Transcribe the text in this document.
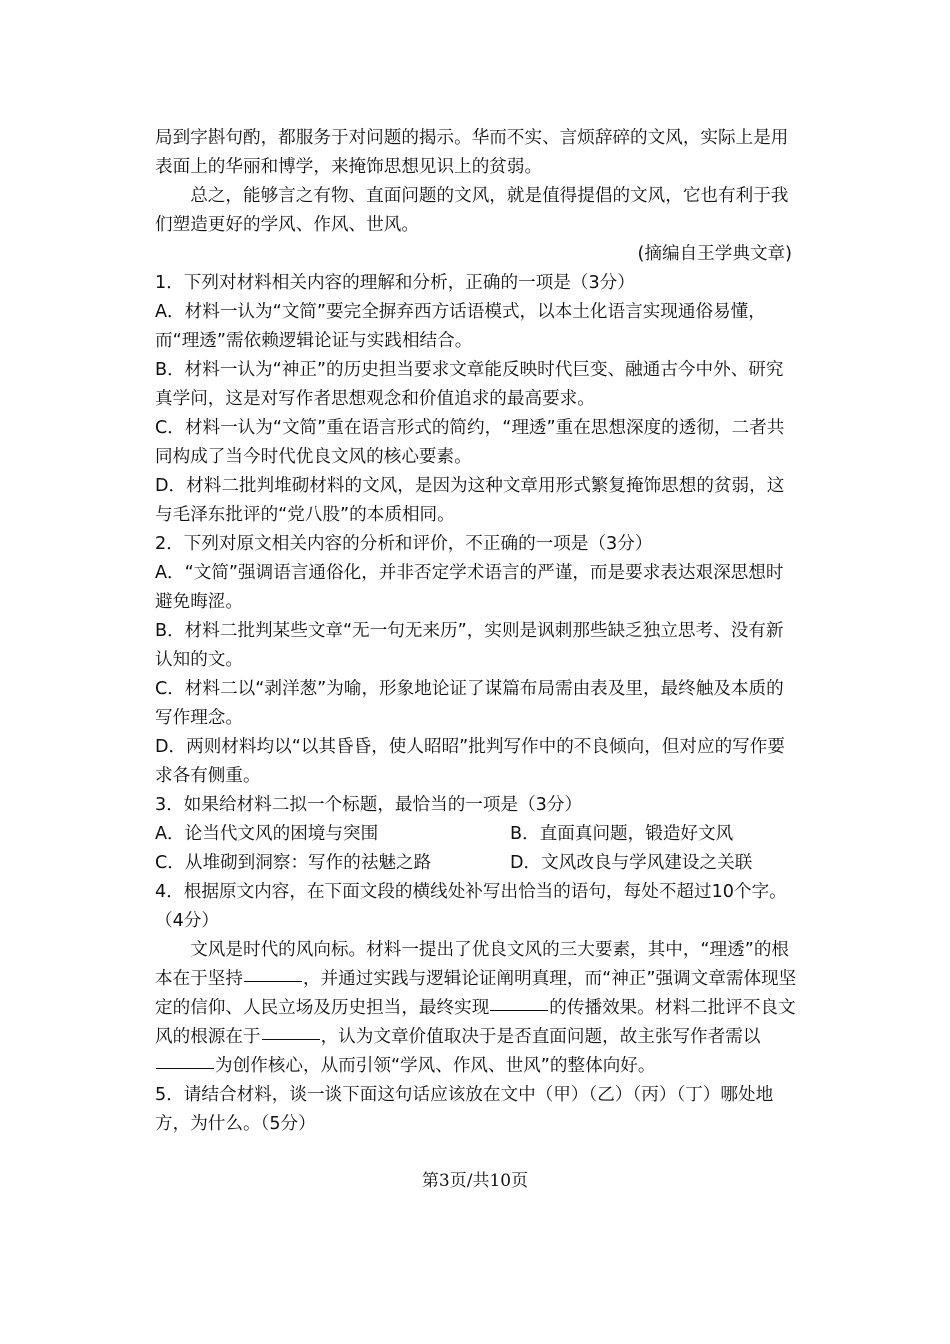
局到字斟句酌，都服务于对问题的揭示。华而不实、言烦辞碎的文风，实际上是用表面上的华丽和博学，来掩饰思想见识上的贫弱。

总之，能够言之有物、直面问题的文风，就是值得提倡的文风，它也有利于我们塑造更好的学风、作风、世风。

(摘编自王学典文章)

1．下列对材料相关内容的理解和分析，正确的一项是（3分）

A．材料一认为“文简”要完全摒弃西方话语模式，以本土化语言实现通俗易懂，而“理透”需依赖逻辑论证与实践相结合。

B．材料一认为“神正”的历史担当要求文章能反映时代巨变、融通古今中外、研究真学问，这是对写作者思想观念和价值追求的最高要求。

C．材料一认为“文简”重在语言形式的简约，“理透”重在思想深度的透彻，二者共同构成了当今时代优良文风的核心要素。

D．材料二批判堆砌材料的文风，是因为这种文章用形式繁复掩饰思想的贫弱，这与毛泽东批评的“党八股”的本质相同。

2．下列对原文相关内容的分析和评价，不正确的一项是（3分）

A．“文简”强调语言通俗化，并非否定学术语言的严谨，而是要求表达艰深思想时避免晦涩。

B．材料二批判某些文章“无一句无来历”，实则是讽刺那些缺乏独立思考、没有新认知的文。

C．材料二以“剥洋葱”为喻，形象地论证了谋篇布局需由表及里，最终触及本质的写作理念。

D．两则材料均以“以其昏昏，使人昭昭”批判写作中的不良倾向，但对应的写作要求各有侧重。

3．如果给材料二拟一个标题，最恰当的一项是（3分）

A．论当代文风的困境与突围	B．直面真问题，锻造好文风
C．从堆砌到洞察：写作的祛魅之路	D．文风改良与学风建设之关联

4．根据原文内容，在下面文段的横线处补写出恰当的语句，每处不超过10个字。（4分）

文风是时代的风向标。材料一提出了优良文风的三大要素，其中，“理透”的根本在于坚持	，并通过实践与逻辑论证阐明真理，而“神正”强调文章需体现坚定的信仰、人民立场及历史担当，最终实现	的传播效果。材料二批评不良文风的根源在于	，认为文章价值取决于是否直面问题，故主张写作者需以为创作核心，从而引领“学风、作风、世风”的整体向好。

5．请结合材料，谈一谈下面这句话应该放在文中（甲）（乙）（丙）（丁）哪处地方，为什么。（5分）

第3页/共10页
